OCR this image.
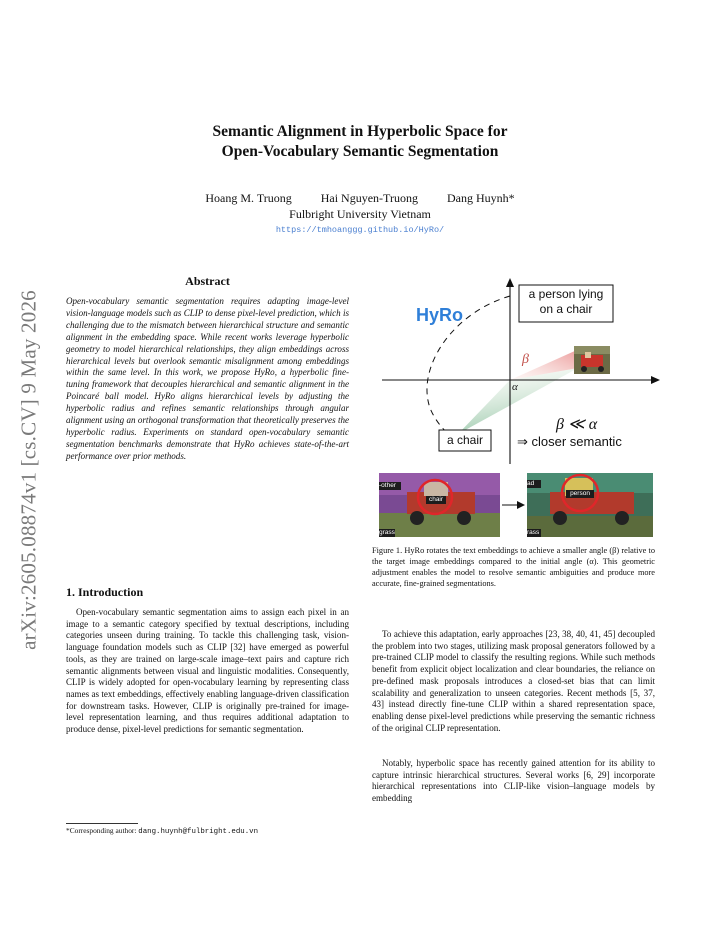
arXiv:2605.08874v1 [cs.CV] 9 May 2026
Semantic Alignment in Hyperbolic Space for
Open-Vocabulary Semantic Segmentation
Hoang M. Truong Hai Nguyen-Truong Dang Huynh*
Fulbright University Vietnam
https://tmhoanggg.github.io/HyRo/
Abstract
Open-vocabulary semantic segmentation requires adapting image-level vision-language models such as CLIP to dense pixel-level prediction, which is challenging due to the mismatch between hierarchical structure and semantic alignment in the embedding space. While recent works leverage hyperbolic geometry to model hierarchical relationships, they align embeddings across hierarchical levels but overlook semantic misalignment among embeddings within the same level. In this work, we propose HyRo, a hyperbolic fine-tuning framework that decouples hierarchical and semantic alignment in the Poincaré ball model. HyRo aligns hierarchical levels by adjusting the hyperbolic radius and refines semantic relationships through angular alignment using an orthogonal transformation that theoretically preserves the hyperbolic radius. Experiments on standard open-vocabulary semantic segmentation benchmarks demonstrate that HyRo achieves state-of-the-art performance over prior methods.
1. Introduction
Open-vocabulary semantic segmentation aims to assign each pixel in an image to a semantic category specified by textual descriptions, including categories unseen during training. To tackle this challenging task, vision-language foundation models such as CLIP [32] have emerged as powerful tools, as they are trained on large-scale image–text pairs and capture rich semantic alignments between visual and linguistic modalities. Consequently, CLIP is widely adopted for open-vocabulary learning by representing class names as text embeddings, effectively enabling language-driven classification for downstream tasks. However, CLIP is originally pre-trained for image-level representation learning, and thus requires additional adaptation to produce dense, pixel-level predictions for semantic segmentation.
*Corresponding author: dang.huynh@fulbright.edu.vn
HyRo
a person lying
on a chair
a chair
β
α
β ≪ α
⇒ closer semantic
-other
chair
grass
ad
person
rass
Figure 1. HyRo rotates the text embeddings to achieve a smaller angle (β) relative to the target image embeddings compared to the initial angle (α). This geometric adjustment enables the model to resolve semantic ambiguities and produce more accurate, fine-grained segmentations.
To achieve this adaptation, early approaches [23, 38, 40, 41, 45] decoupled the problem into two stages, utilizing mask proposal generators followed by a pre-trained CLIP model to classify the resulting regions. While such methods benefit from explicit object localization and clear boundaries, the reliance on pre-defined mask proposals introduces a closed-set bias that can limit scalability and generalization to unseen categories. Recent methods [5, 37, 43] instead directly fine-tune CLIP within a shared representation space, enabling dense pixel-level predictions while preserving the semantic richness of the original CLIP representation.
Notably, hyperbolic space has recently gained attention for its ability to capture intrinsic hierarchical structures. Several works [6, 29] incorporate hierarchical representations into CLIP-like vision–language models by embedding
